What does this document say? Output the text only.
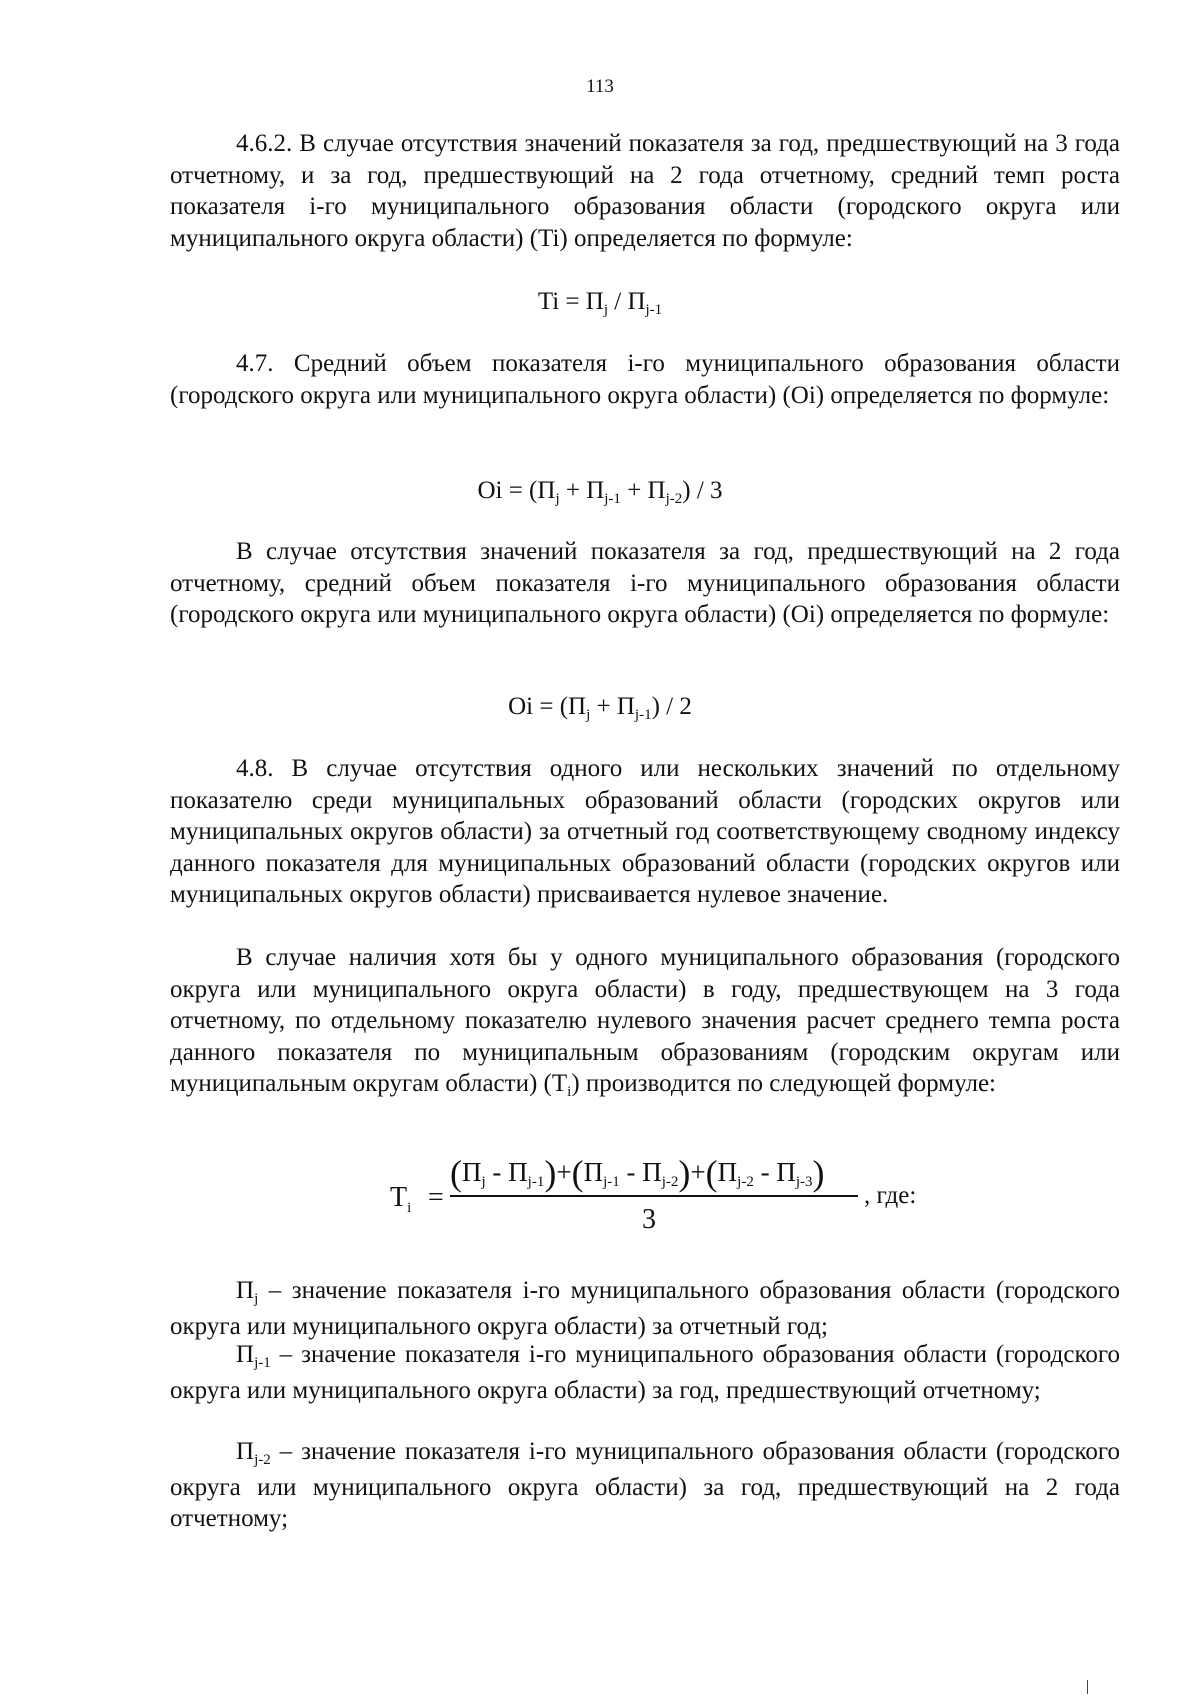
113

4.6.2. В случае отсутствия значений показателя за год, предшествующий на 3 года отчетному, и за год, предшествующий на 2 года отчетному, средний темп роста показателя i-го муниципального образования области (городского округа или муниципального округа области) (Ti) определяется по формуле:

$Ti = П_j / П_{j-1}$

4.7. Средний объем показателя i-го муниципального образования области (городского округа или муниципального округа области) (Oi) определяется по формуле:

$Oi = (П_j + П_{j-1} + П_{j-2}) / 3$

В случае отсутствия значений показателя за год, предшествующий на 2 года отчетному, средний объем показателя i-го муниципального образования области (городского округа или муниципального округа области) (Oi) определяется по формуле:

$Oi = (П_j + П_{j-1}) / 2$

4.8. В случае отсутствия одного или нескольких значений по отдельному показателю среди муниципальных образований области (городских округов или муниципальных округов области) за отчетный год соответствующему сводному индексу данного показателя для муниципальных образований области (городских округов или муниципальных округов области) присваивается нулевое значение.

В случае наличия хотя бы у одного муниципального образования (городского округа или муниципального округа области) в году, предшествующем на 3 года отчетному, по отдельному показателю нулевого значения расчет среднего темпа роста данного показателя по муниципальным образованиям (городским округам или муниципальным округам области) $(T_i)$ производится по следующей формуле:

$T_i$ =
(Пj - Пj-1)+(Пj-1 - Пj-2)+(Пj-2 - Пj-3)
3
, где:

$П_j$ – значение показателя i-го муниципального образования области (городского округа или муниципального округа области) за отчетный год;

$П_{j-1}$ – значение показателя i-го муниципального образования области (городского округа или муниципального округа области) за год, предшествующий отчетному;

$П_{j-2}$ – значение показателя i-го муниципального образования области (городского округа или муниципального округа области) за год, предшествующий на 2 года отчетному;
